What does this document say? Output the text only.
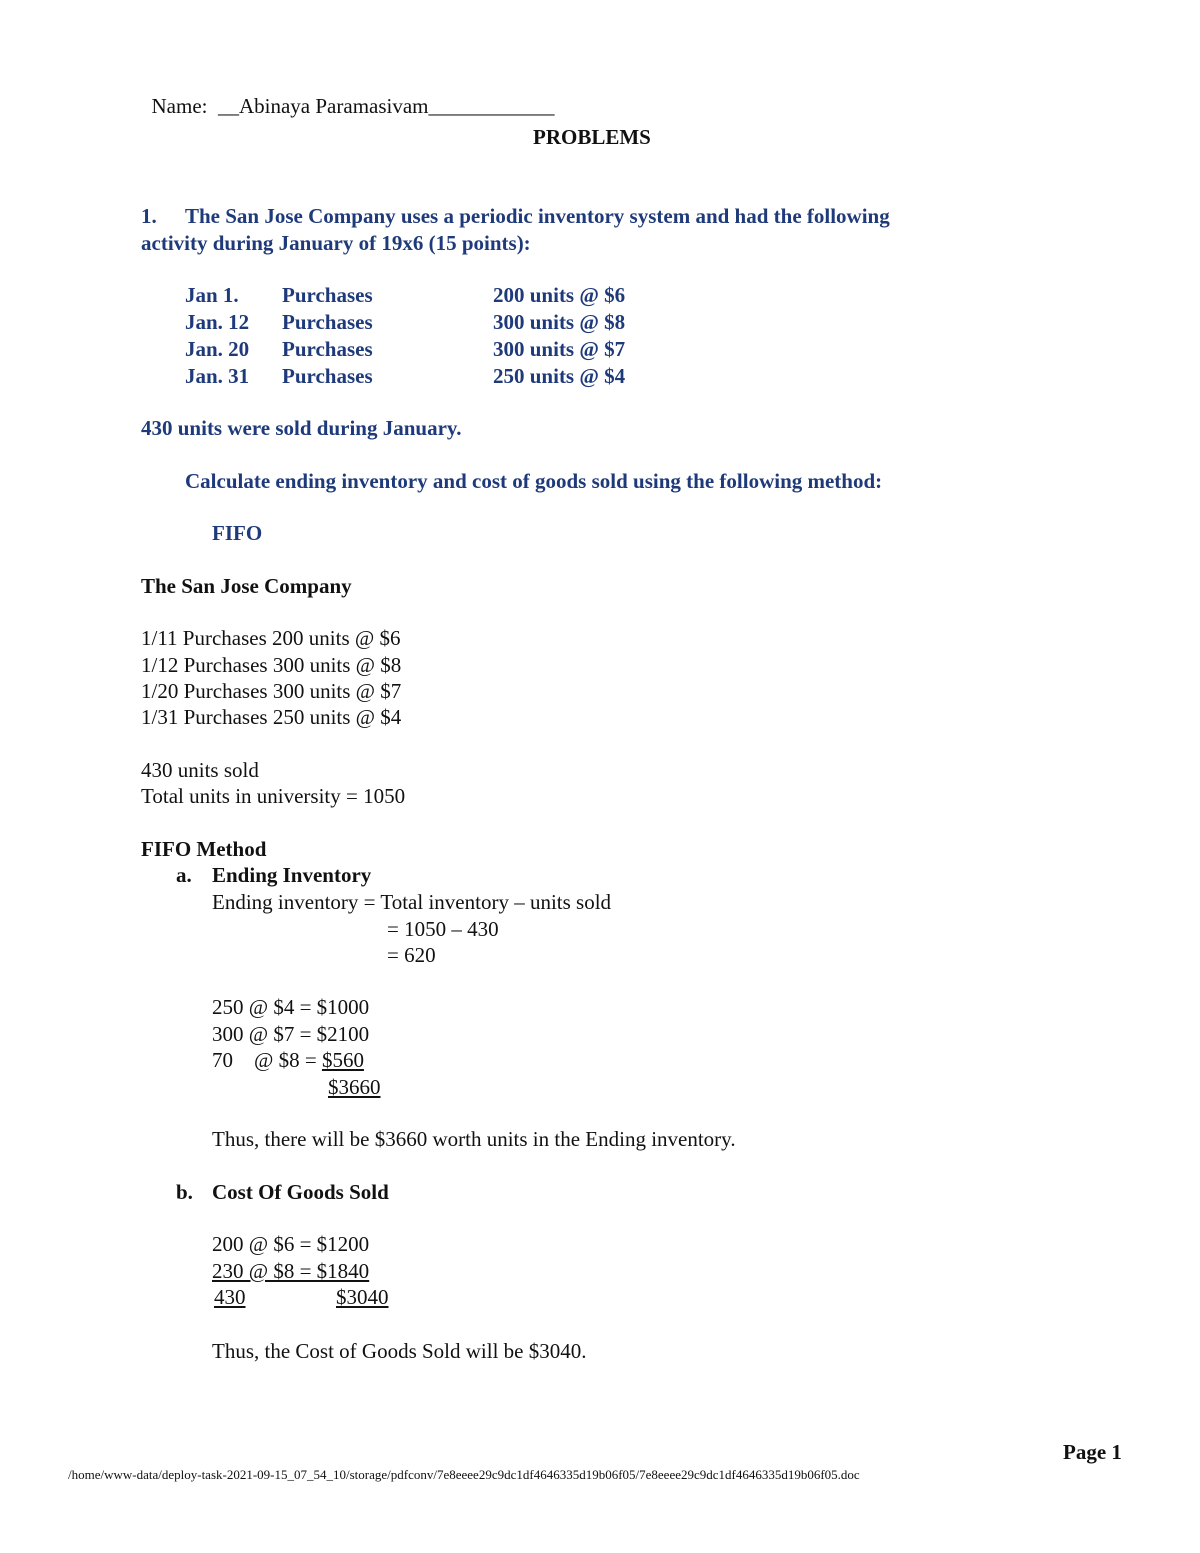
Name: __Abinaya Paramasivam____________

PROBLEMS
1. The San Jose Company uses a periodic inventory system and had the following
activity during January of 19x6 (15 points):
Jan 1. Purchases	200 units @ $6
Jan. 12 Purchases	300 units @ $8
Jan. 20 Purchases	300 units @ $7
Jan. 31 Purchases	250 units @ $4
430 units were sold during January.
Calculate ending inventory and cost of goods sold using the following method:
FIFO
The San Jose Company
1/11 Purchases 200 units @ $6
1/12 Purchases 300 units @ $8
1/20 Purchases 300 units @ $7
1/31 Purchases 250 units @ $4
430 units sold
Total units in university = 1050
FIFO Method
a. Ending Inventory
Ending inventory = Total inventory – units sold
= 1050 – 430
= 620
250 @ $4 = $1000
300 @ $7 = $2100
70    @ $8 = $560
$3660
Thus, there will be $3660 worth units in the Ending inventory.
b. Cost Of Goods Sold
200 @ $6 = $1200
230 @ $8 = $1840
430	$3040
Thus, the Cost of Goods Sold will be $3040.
Page 1
/home/www-data/deploy-task-2021-09-15_07_54_10/storage/pdfconv/7e8eeee29c9dc1df4646335d19b06f05/7e8eeee29c9dc1df4646335d19b06f05.doc
